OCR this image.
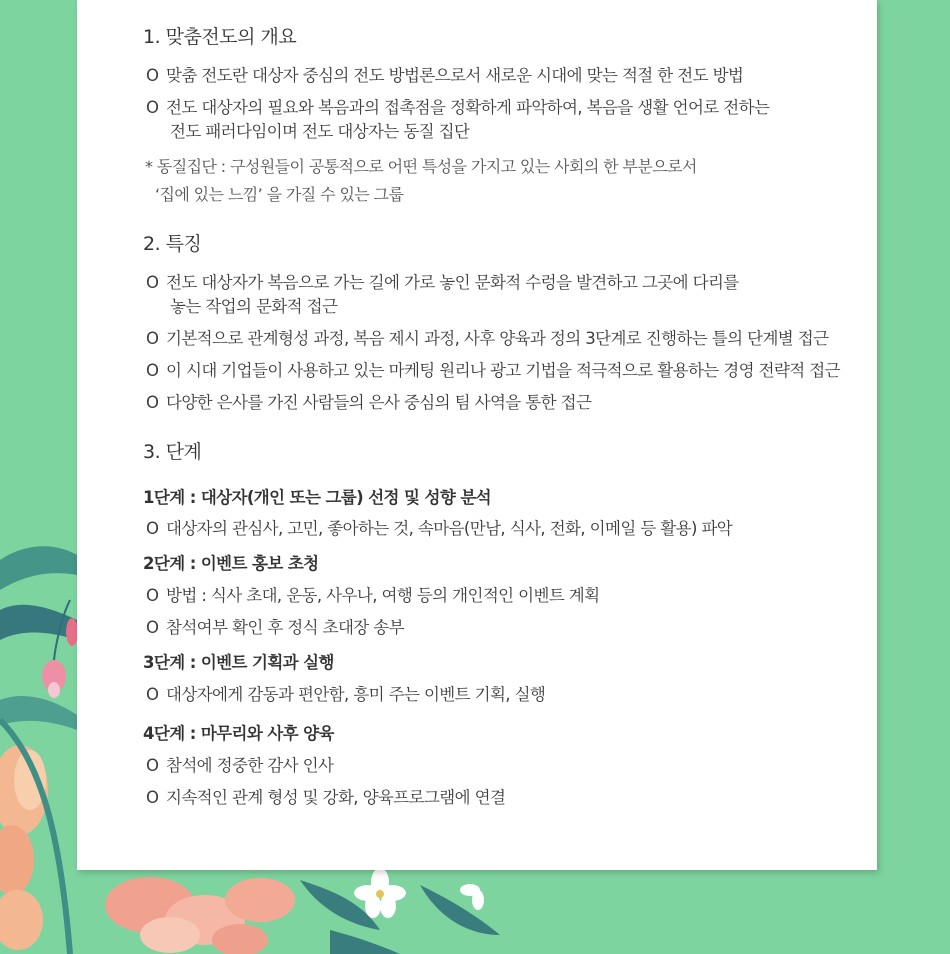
1. 맞춤전도의 개요
O 맞춤 전도란 대상자 중심의 전도 방법론으로서 새로운 시대에 맞는 적절 한 전도 방법
O 전도 대상자의 필요와 복음과의 접촉점을 정확하게 파악하여, 복음을 생활 언어로 전하는
전도 패러다임이며 전도 대상자는 동질 집단
* 동질집단 : 구성원들이 공통적으로 어떤 특성을 가지고 있는 사회의 한 부분으로서
‘집에 있는 느낌’ 을 가질 수 있는 그룹
2. 특징
O 전도 대상자가 복음으로 가는 길에 가로 놓인 문화적 수렁을 발견하고 그곳에 다리를
놓는 작업의 문화적 접근
O 기본적으로 관계형성 과정, 복음 제시 과정, 사후 양육과 정의 3단계로 진행하는 틀의 단계별 접근
O 이 시대 기업들이 사용하고 있는 마케팅 원리나 광고 기법을 적극적으로 활용하는 경영 전략적 접근
O 다양한 은사를 가진 사람들의 은사 중심의 팀 사역을 통한 접근
3. 단계
1단계 : 대상자(개인 또는 그룹) 선정 및 성향 분석
O 대상자의 관심사, 고민, 좋아하는 것, 속마음(만남, 식사, 전화, 이메일 등 활용) 파악
2단계 : 이벤트 홍보 초청
O 방법 : 식사 초대, 운동, 사우나, 여행 등의 개인적인 이벤트 계획
O 참석여부 확인 후 정식 초대장 송부
3단계 : 이벤트 기획과 실행
O 대상자에게 감동과 편안함, 흥미 주는 이벤트 기획, 실행
4단계 : 마무리와 사후 양육
O 참석에 정중한 감사 인사
O 지속적인 관계 형성 및 강화, 양육프로그램에 연결
